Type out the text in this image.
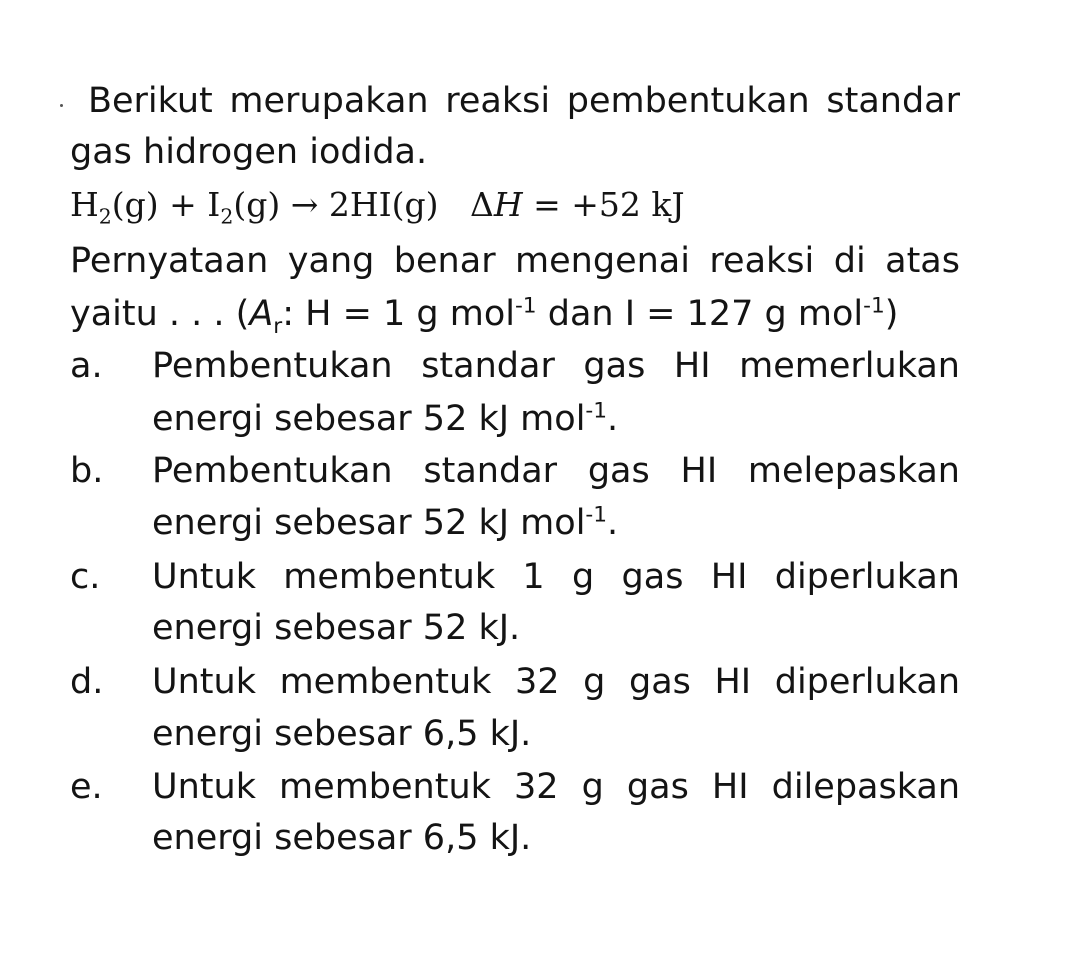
Berikut merupakan reaksi pembentukan standar
gas hidrogen iodida.
$H_2(g) + I_2(g) \to 2HI(g) \Delta H = +52$ kJ
Pernyataan yang benar mengenai reaksi di atas
yaitu . . . ($A_r$: H = 1 g mol$^{-1}$ dan I = 127 g mol$^{-1}$)
a. Pembentukan standar gas HI memerlukan
energi sebesar 52 kJ mol$^{-1}$.
b. Pembentukan standar gas HI melepaskan
energi sebesar 52 kJ mol$^{-1}$.
c. Untuk membentuk 1 g gas HI diperlukan
energi sebesar 52 kJ.
d. Untuk membentuk 32 g gas HI diperlukan
energi sebesar 6,5 kJ.
e. Untuk membentuk 32 g gas HI dilepaskan
energi sebesar 6,5 kJ.
